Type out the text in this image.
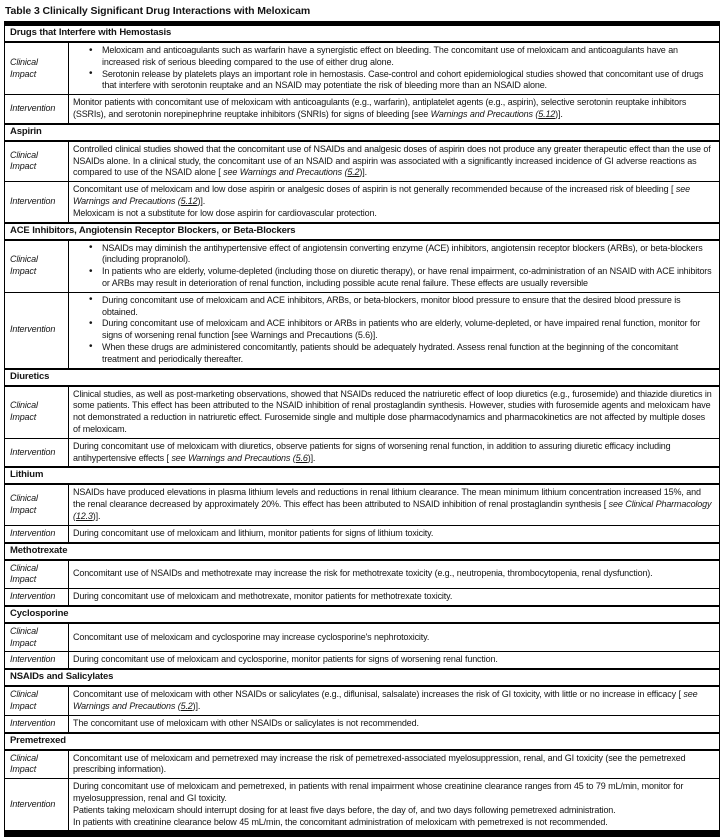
Table 3 Clinically Significant Drug Interactions with Meloxicam
Drugs that Interfere with Hemostasis	
Clinical Impact	
• Meloxicam and anticoagulants such as warfarin have a synergistic effect on bleeding. The concomitant use of meloxicam and anticoagulants have an increased risk of serious bleeding compared to the use of either drug alone.
• Serotonin release by platelets plays an important role in hemostasis. Case-control and cohort epidemiological studies showed that concomitant use of drugs that interfere with serotonin reuptake and an NSAID may potentiate the risk of bleeding more than an NSAID alone.

Intervention	Monitor patients with concomitant use of meloxicam with anticoagulants (e.g., warfarin), antiplatelet agents (e.g., aspirin), selective serotonin reuptake inhibitors (SSRIs), and serotonin norepinephrine reuptake inhibitors (SNRIs) for signs of bleeding [see Warnings and Precautions (5.12)].

Aspirin	
Clinical Impact	Controlled clinical studies showed that the concomitant use of NSAIDs and analgesic doses of aspirin does not produce any greater therapeutic effect than the use of NSAIDs alone. In a clinical study, the concomitant use of an NSAID and aspirin was associated with a significantly increased incidence of GI adverse reactions as compared to use of the NSAID alone [ see Warnings and Precautions (5.2)].

Intervention	Concomitant use of meloxicam and low dose aspirin or analgesic doses of aspirin is not generally recommended because of the increased risk of bleeding [ see Warnings and Precautions (5.12)].
Meloxicam is not a substitute for low dose aspirin for cardiovascular protection.

ACE Inhibitors, Angiotensin Receptor Blockers, or Beta-Blockers	
Clinical Impact	
• NSAIDs may diminish the antihypertensive effect of angiotensin converting enzyme (ACE) inhibitors, angiotensin receptor blockers (ARBs), or beta-blockers (including propranolol).
• In patients who are elderly, volume-depleted (including those on diuretic therapy), or have renal impairment, co-administration of an NSAID with ACE inhibitors or ARBs may result in deterioration of renal function, including possible acute renal failure. These effects are usually reversible

Intervention	
• During concomitant use of meloxicam and ACE inhibitors, ARBs, or beta-blockers, monitor blood pressure to ensure that the desired blood pressure is obtained.
• During concomitant use of meloxicam and ACE inhibitors or ARBs in patients who are elderly, volume-depleted, or have impaired renal function, monitor for signs of worsening renal function [see Warnings and Precautions (5.6)].
• When these drugs are administered concomitantly, patients should be adequately hydrated. Assess renal function at the beginning of the concomitant treatment and periodically thereafter.

Diuretics	
Clinical Impact	Clinical studies, as well as post-marketing observations, showed that NSAIDs reduced the natriuretic effect of loop diuretics (e.g., furosemide) and thiazide diuretics in some patients. This effect has been attributed to the NSAID inhibition of renal prostaglandin synthesis. However, studies with furosemide agents and meloxicam have not demonstrated a reduction in natriuretic effect. Furosemide single and multiple dose pharmacodynamics and pharmacokinetics are not affected by multiple doses of meloxicam.

Intervention	During concomitant use of meloxicam with diuretics, observe patients for signs of worsening renal function, in addition to assuring diuretic efficacy including antihypertensive effects [ see Warnings and Precautions (5.6)].

Lithium	
Clinical Impact	NSAIDs have produced elevations in plasma lithium levels and reductions in renal lithium clearance. The mean minimum lithium concentration increased 15%, and the renal clearance decreased by approximately 20%. This effect has been attributed to NSAID inhibition of renal prostaglandin synthesis [ see Clinical Pharmacology (12.3)].

Intervention	During concomitant use of meloxicam and lithium, monitor patients for signs of lithium toxicity.

Methotrexate	
Clinical Impact	Concomitant use of NSAIDs and methotrexate may increase the risk for methotrexate toxicity (e.g., neutropenia, thrombocytopenia, renal dysfunction).

Intervention	During concomitant use of meloxicam and methotrexate, monitor patients for methotrexate toxicity.

Cyclosporine	
Clinical Impact	Concomitant use of meloxicam and cyclosporine may increase cyclosporine's nephrotoxicity.

Intervention	During concomitant use of meloxicam and cyclosporine, monitor patients for signs of worsening renal function.

NSAIDs and Salicylates	
Clinical Impact	Concomitant use of meloxicam with other NSAIDs or salicylates (e.g., diflunisal, salsalate) increases the risk of GI toxicity, with little or no increase in efficacy [ see Warnings and Precautions (5.2)].

Intervention	The concomitant use of meloxicam with other NSAIDs or salicylates is not recommended.

Premetrexed	
Clinical Impact	Concomitant use of meloxicam and pemetrexed may increase the risk of pemetrexed-associated myelosuppression, renal, and GI toxicity (see the pemetrexed prescribing information).

Intervention	During concomitant use of meloxicam and pemetrexed, in patients with renal impairment whose creatinine clearance ranges from 45 to 79 mL/min, monitor for myelosuppression, renal and GI toxicity.
Patients taking meloxicam should interrupt dosing for at least five days before, the day of, and two days following pemetrexed administration.
In patients with creatinine clearance below 45 mL/min, the concomitant administration of meloxicam with pemetrexed is not recommended.
